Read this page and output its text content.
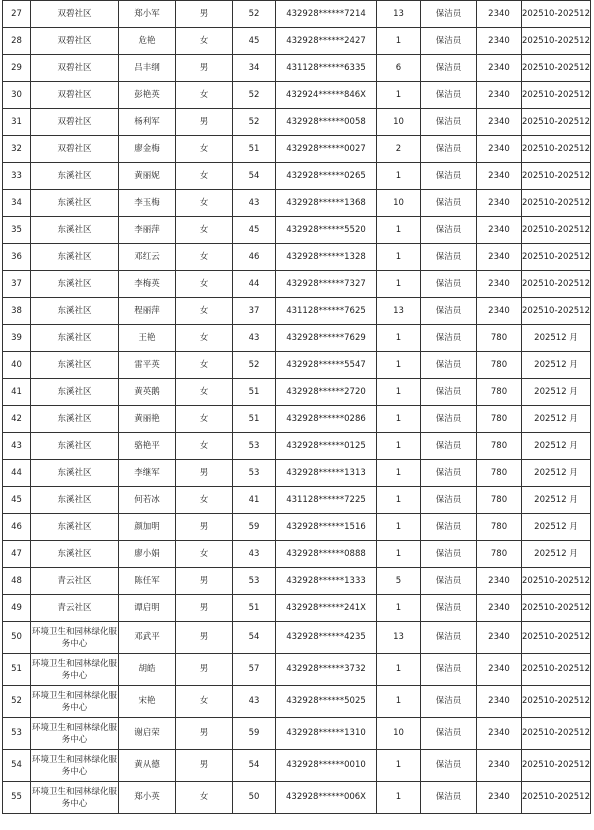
27	双碧社区	郑小军	男	52	432928******7214	13	保洁员	2340	202510-202512
28	双碧社区	危艳	女	45	432928******2427	1	保洁员	2340	202510-202512
29	双碧社区	吕丰纲	男	34	431128******6335	6	保洁员	2340	202510-202512
30	双碧社区	彭艳英	女	52	432924******846X	1	保洁员	2340	202510-202512
31	双碧社区	杨利军	男	52	432928******0058	10	保洁员	2340	202510-202512
32	双碧社区	廖金梅	女	51	432928******0027	2	保洁员	2340	202510-202512
33	东溪社区	黄丽妮	女	54	432928******0265	1	保洁员	2340	202510-202512
34	东溪社区	李玉梅	女	43	432928******1368	10	保洁员	2340	202510-202512
35	东溪社区	李丽萍	女	45	432928******5520	1	保洁员	2340	202510-202512
36	东溪社区	邓红云	女	46	432928******1328	1	保洁员	2340	202510-202512
37	东溪社区	李梅英	女	44	432928******7327	1	保洁员	2340	202510-202512
38	东溪社区	程丽萍	女	37	431128******7625	13	保洁员	2340	202510-202512
39	东溪社区	王艳	女	43	432928******7629	1	保洁员	780	202512 月
40	东溪社区	雷平英	女	52	432928******5547	1	保洁员	780	202512 月
41	东溪社区	黄英鹅	女	51	432928******2720	1	保洁员	780	202512 月
42	东溪社区	黄丽艳	女	51	432928******0286	1	保洁员	780	202512 月
43	东溪社区	骆艳平	女	53	432928******0125	1	保洁员	780	202512 月
44	东溪社区	李继军	男	53	432928******1313	1	保洁员	780	202512 月
45	东溪社区	何若冰	女	41	431128******7225	1	保洁员	780	202512 月
46	东溪社区	颜加明	男	59	432928******1516	1	保洁员	780	202512 月
47	东溪社区	廖小娟	女	43	432928******0888	1	保洁员	780	202512 月
48	青云社区	陈任军	男	53	432928******1333	5	保洁员	2340	202510-202512
49	青云社区	谭启明	男	51	432928******241X	1	保洁员	2340	202510-202512
50	环境卫生和园林绿化服务中心	邓武平	男	54	432928******4235	13	保洁员	2340	202510-202512
51	环境卫生和园林绿化服务中心	胡皓	男	57	432928******3732	1	保洁员	2340	202510-202512
52	环境卫生和园林绿化服务中心	宋艳	女	43	432928******5025	1	保洁员	2340	202510-202512
53	环境卫生和园林绿化服务中心	谢启荣	男	59	432928******1310	10	保洁员	2340	202510-202512
54	环境卫生和园林绿化服务中心	黄从德	男	54	432928******0010	1	保洁员	2340	202510-202512
55	环境卫生和园林绿化服务中心	郑小英	女	50	432928******006X	1	保洁员	2340	202510-202512
